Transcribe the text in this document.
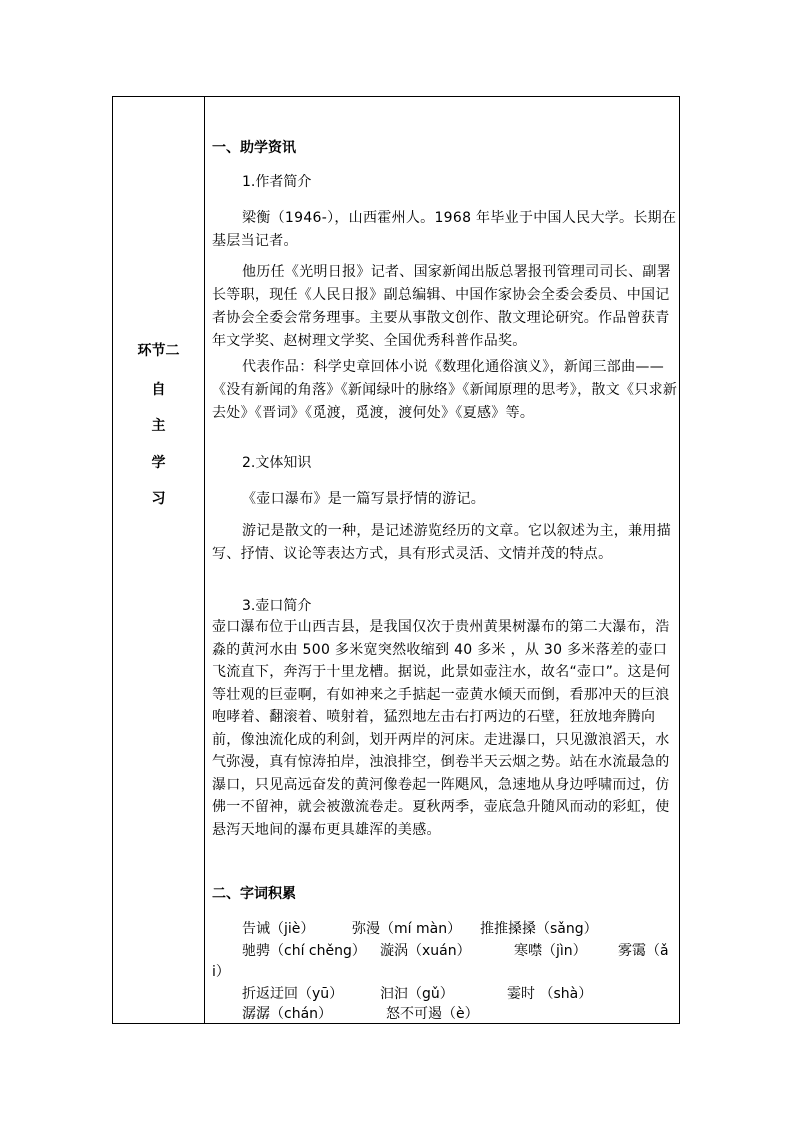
环节二
自
主
学
习
一、助学资讯
1.作者简介
梁衡（1946-），山西霍州人。1968 年毕业于中国人民大学。长期在基层当记者。
他历任《光明日报》记者、国家新闻出版总署报刊管理司司长、副署长等职，现任《人民日报》副总编辑、中国作家协会全委会委员、中国记者协会全委会常务理事。主要从事散文创作、散文理论研究。作品曾获青年文学奖、赵树理文学奖、全国优秀科普作品奖。
代表作品：科学史章回体小说《数理化通俗演义》，新闻三部曲——《没有新闻的角落》《新闻绿叶的脉络》《新闻原理的思考》，散文《只求新去处》《晋词》《觅渡，觅渡，渡何处》《夏感》等。
2.文体知识
《壶口瀑布》是一篇写景抒情的游记。
游记是散文的一种，是记述游览经历的文章。它以叙述为主，兼用描写、抒情、议论等表达方式，具有形式灵活、文情并茂的特点。
3.壶口简介
壶口瀑布位于山西吉县，是我国仅次于贵州黄果树瀑布的第二大瀑布，浩淼的黄河水由 500 多米宽突然收缩到 40 多米 ，从 30 多米落差的壶口飞流直下，奔泻于十里龙槽。据说，此景如壶注水，故名“壶口”。这是何等壮观的巨壶啊，有如神来之手掂起一壶黄水倾天而倒，看那冲天的巨浪咆哮着、翻滚着、喷射着，猛烈地左击右打两边的石壁，狂放地奔腾向前，像浊流化成的利剑，划开两岸的河床。走进瀑口，只见激浪滔天，水气弥漫，真有惊涛拍岸，浊浪排空，倒卷半天云烟之势。站在水流最急的瀑口，只见高远奋发的黄河像卷起一阵飓风，急速地从身边呼啸而过，仿佛一不留神，就会被激流卷走。夏秋两季，壶底急升随风而动的彩虹，使悬泻天地间的瀑布更具雄浑的美感。
二、字词积累
告诫（jiè）	弥漫（mí màn） 推推搡搡（sǎng）
驰骋（chí chěng） 漩涡（xuán）	寒噤（jìn） 雾霭（ǎ
i）
折返迂回（yū）	汩汩（gǔ）	霎时 （shà）
潺潺（chán）	怒不可遏（è）
